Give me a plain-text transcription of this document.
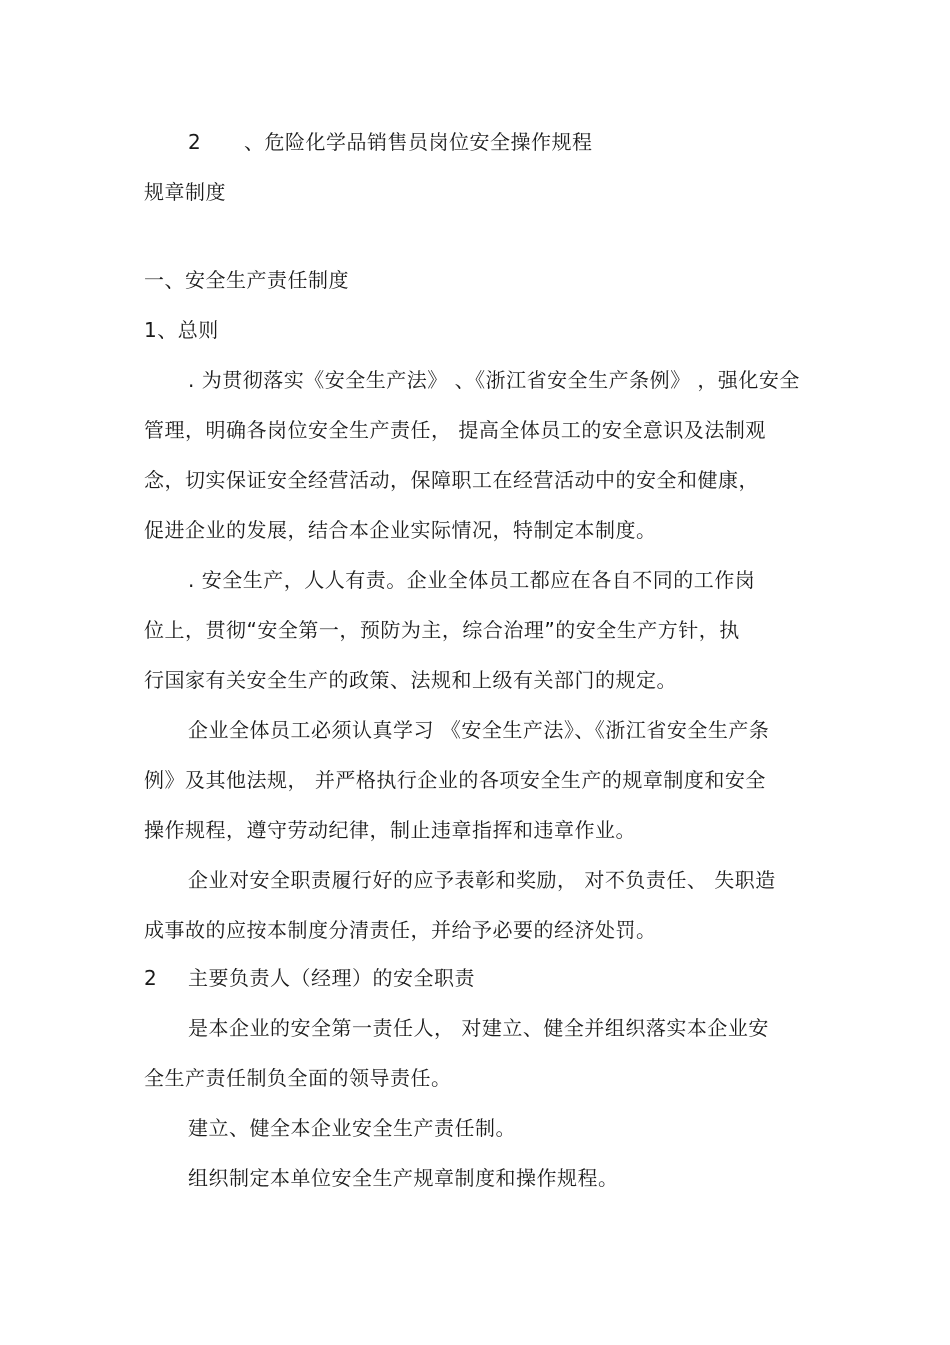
2 、危险化学品销售员岗位安全操作规程

规章制度

一、安全生产责任制度

1、总则

. 为贯彻落实《安全生产法》 、《浙江省安全生产条例》 ，强化安全

管理，明确各岗位安全生产责任， 提高全体员工的安全意识及法制观

念，切实保证安全经营活动，保障职工在经营活动中的安全和健康，

促进企业的发展，结合本企业实际情况，特制定本制度。

. 安全生产，人人有责。企业全体员工都应在各自不同的工作岗

位上，贯彻“安全第一，预防为主，综合治理”的安全生产方针，执

行国家有关安全生产的政策、法规和上级有关部门的规定。

企业全体员工必须认真学习 《安全生产法》、《浙江省安全生产条

例》及其他法规， 并严格执行企业的各项安全生产的规章制度和安全

操作规程，遵守劳动纪律，制止违章指挥和违章作业。

企业对安全职责履行好的应予表彰和奖励， 对不负责任、 失职造

成事故的应按本制度分清责任，并给予必要的经济处罚。

2 主要负责人（经理）的安全职责

是本企业的安全第一责任人， 对建立、健全并组织落实本企业安

全生产责任制负全面的领导责任。

建立、健全本企业安全生产责任制。

组织制定本单位安全生产规章制度和操作规程。
